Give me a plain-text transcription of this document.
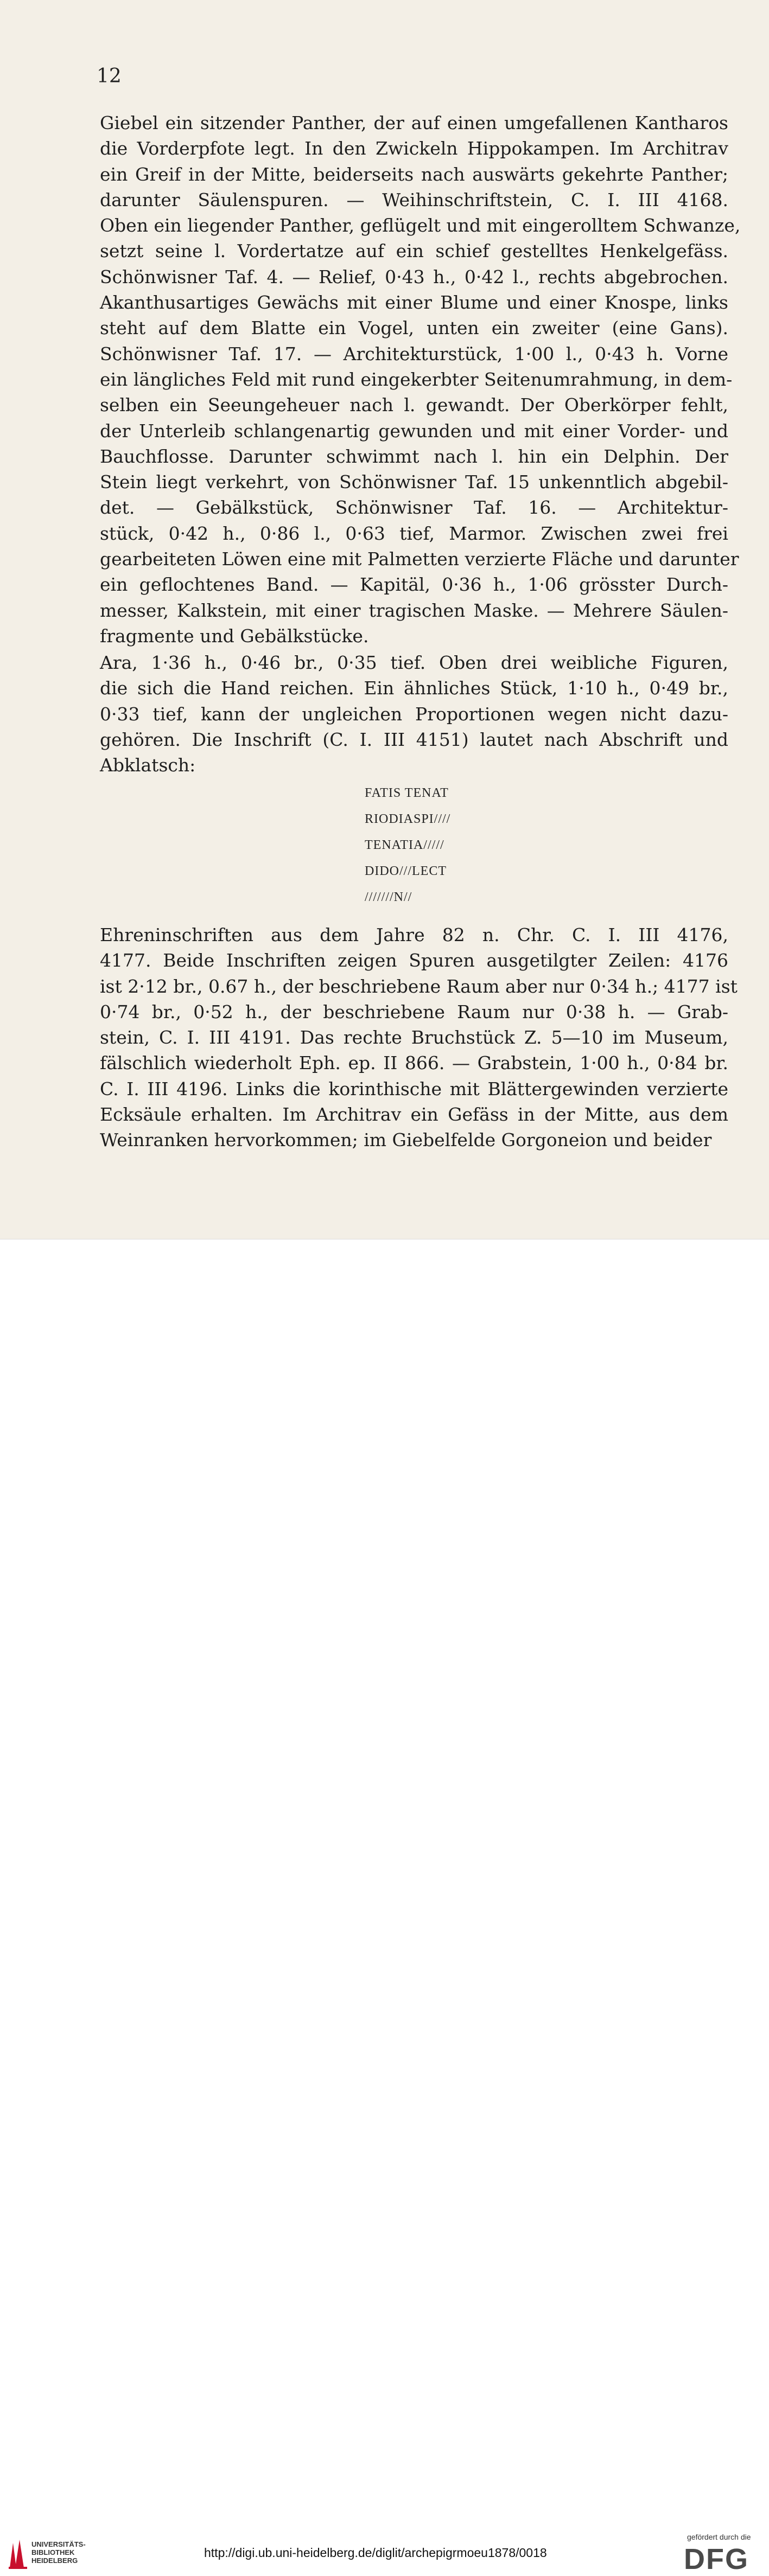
12
Giebel ein sitzender Panther, der auf einen umgefallenen Kantharos
die Vorderpfote legt. In den Zwickeln Hippokampen. Im Architrav
ein Greif in der Mitte, beiderseits nach auswärts gekehrte Panther;
darunter Säulenspuren. — Weihinschriftstein, C. I. III 4168.
Oben ein liegender Panther, geflügelt und mit eingerolltem Schwanze,
setzt seine l. Vordertatze auf ein schief gestelltes Henkelgefäss.
Schönwisner Taf. 4. — Relief, 0·43 h., 0·42 l., rechts abgebrochen.
Akanthusartiges Gewächs mit einer Blume und einer Knospe, links
steht auf dem Blatte ein Vogel, unten ein zweiter (eine Gans).
Schönwisner Taf. 17. — Architekturstück, 1·00 l., 0·43 h. Vorne
ein längliches Feld mit rund eingekerbter Seitenumrahmung, in dem-
selben ein Seeungeheuer nach l. gewandt. Der Oberkörper fehlt,
der Unterleib schlangenartig gewunden und mit einer Vorder- und
Bauchflosse. Darunter schwimmt nach l. hin ein Delphin. Der
Stein liegt verkehrt, von Schönwisner Taf. 15 unkenntlich abgebil-
det. — Gebälkstück, Schönwisner Taf. 16. — Architektur-
stück, 0·42 h., 0·86 l., 0·63 tief, Marmor. Zwischen zwei frei
gearbeiteten Löwen eine mit Palmetten verzierte Fläche und darunter
ein geflochtenes Band. — Kapitäl, 0·36 h., 1·06 grösster Durch-
messer, Kalkstein, mit einer tragischen Maske. — Mehrere Säulen-
fragmente und Gebälkstücke.
Ara, 1·36 h., 0·46 br., 0·35 tief. Oben drei weibliche Figuren,
die sich die Hand reichen. Ein ähnliches Stück, 1·10 h., 0·49 br.,
0·33 tief, kann der ungleichen Proportionen wegen nicht dazu-
gehören. Die Inschrift (C. I. III 4151) lautet nach Abschrift und
Abklatsch:
FATIS TENAT
RIODIASPI////
TENATIA/////
DIDO///LECT
///////N//
Ehreninschriften aus dem Jahre 82 n. Chr. C. I. III 4176,
4177. Beide Inschriften zeigen Spuren ausgetilgter Zeilen: 4176
ist 2·12 br., 0.67 h., der beschriebene Raum aber nur 0·34 h.; 4177 ist
0·74 br., 0·52 h., der beschriebene Raum nur 0·38 h. — Grab-
stein, C. I. III 4191. Das rechte Bruchstück Z. 5—10 im Museum,
fälschlich wiederholt Eph. ep. II 866. — Grabstein, 1·00 h., 0·84 br.
C. I. III 4196. Links die korinthische mit Blättergewinden verzierte
Ecksäule erhalten. Im Architrav ein Gefäss in der Mitte, aus dem
Weinranken hervorkommen; im Giebelfelde Gorgoneion und beider
UNIVERSITÄTS-
BIBLIOTHEK
HEIDELBERG
http://digi.ub.uni-heidelberg.de/diglit/archepigrmoeu1878/0018
gefördert durch die
DFG
